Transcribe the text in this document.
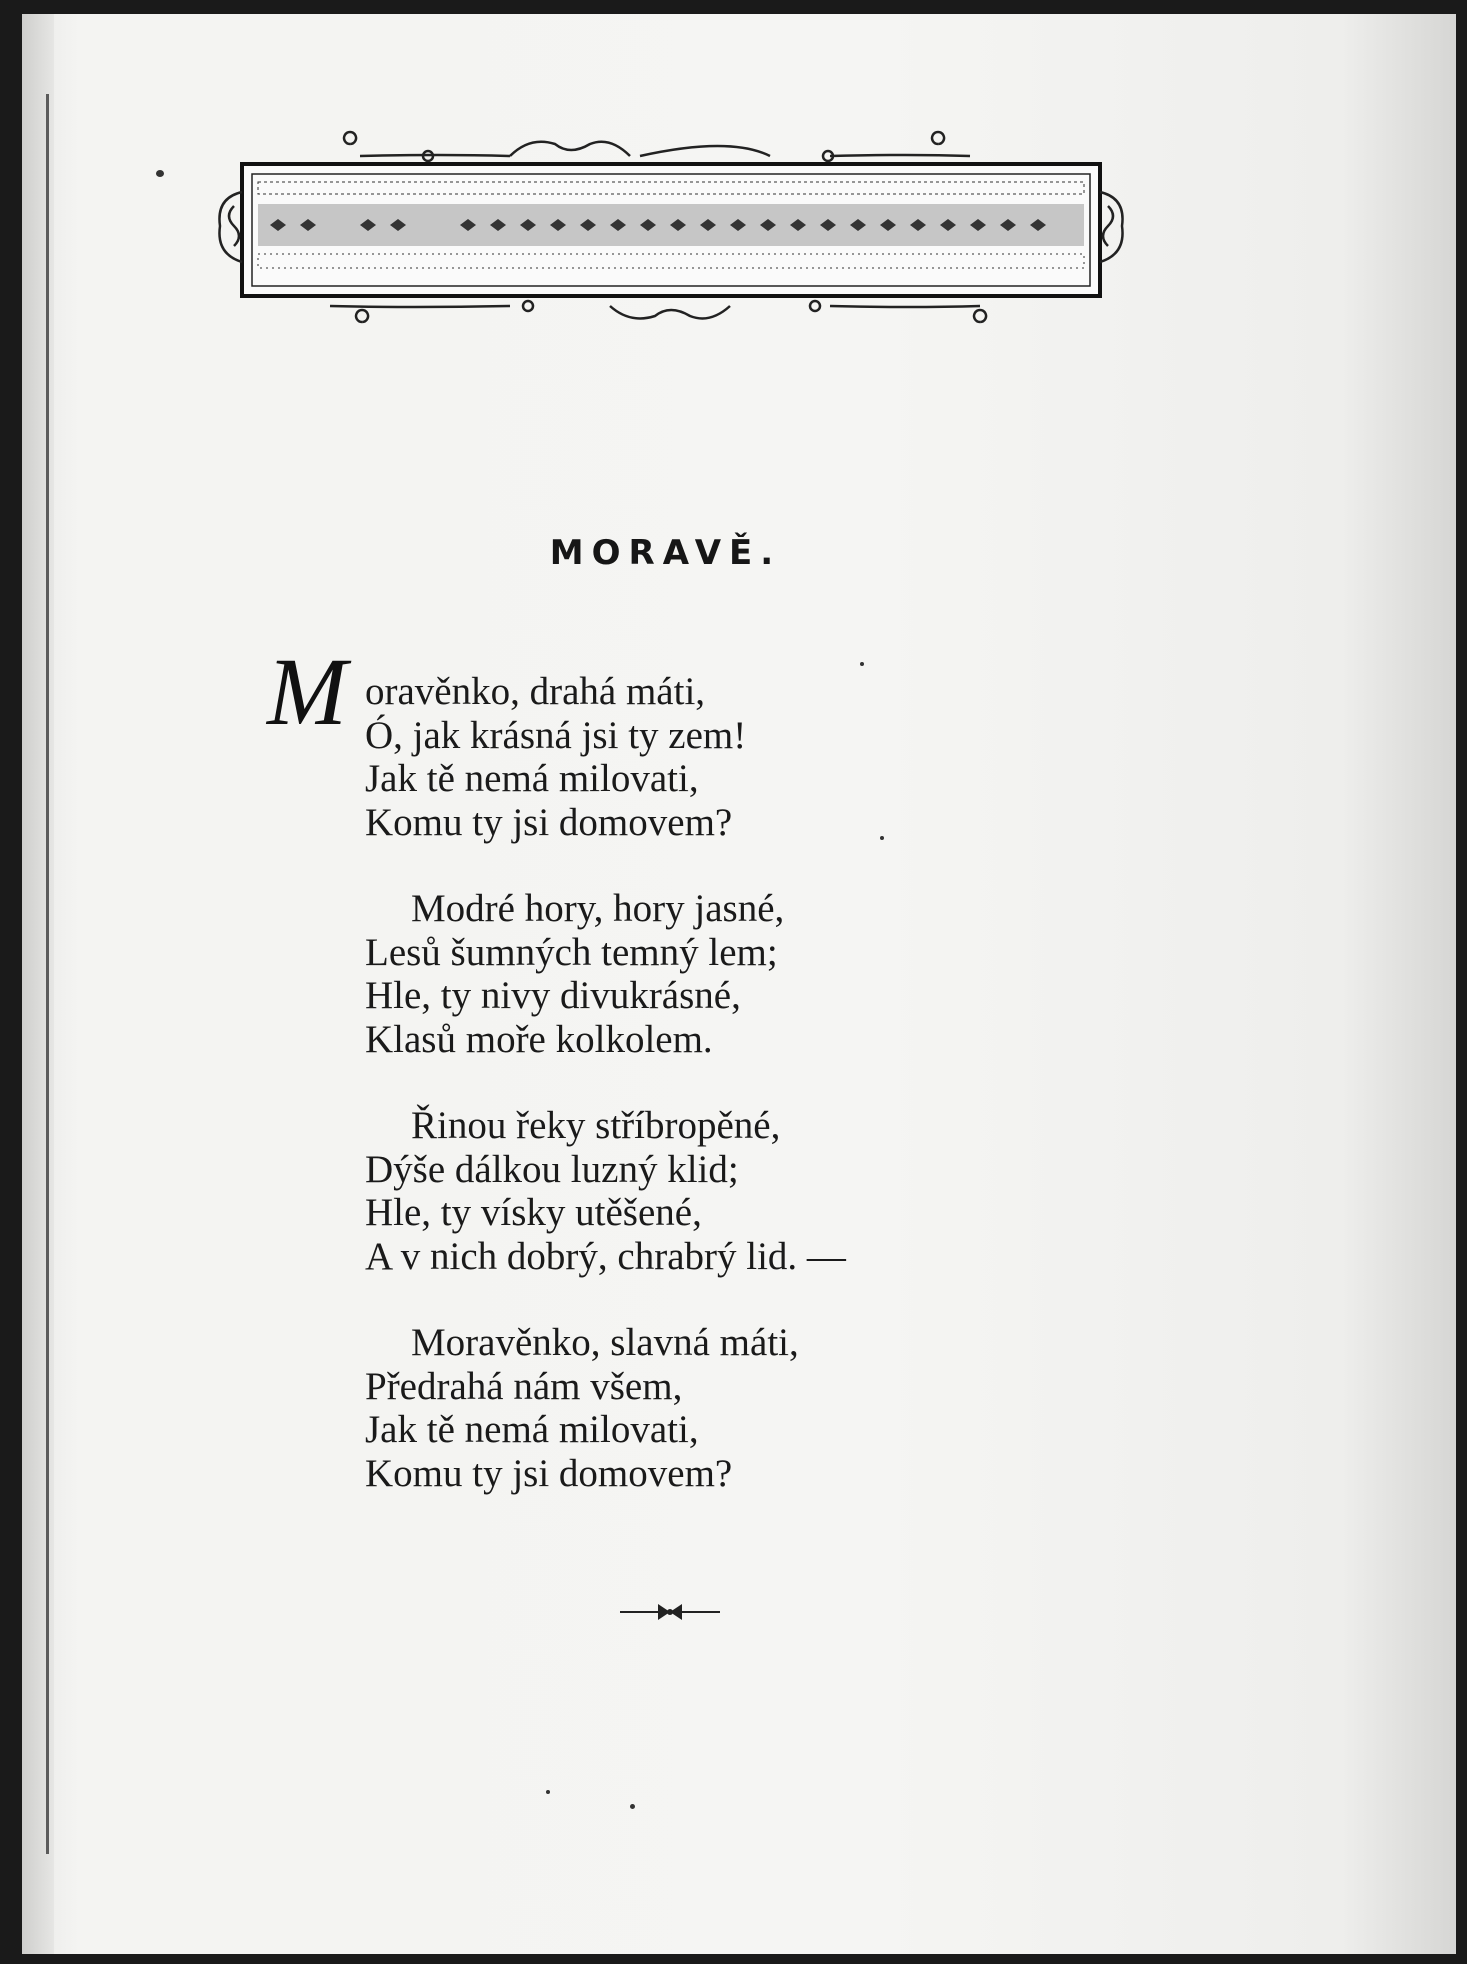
MORAVĚ.
M oravěnko, drahá máti,
Ó, jak krásná jsi ty zem!
Jak tě nemá milovati,
Komu ty jsi domovem?
Modré hory, hory jasné,
Lesů šumných temný lem;
Hle, ty nivy divukrásné,
Klasů moře kolkolem.
Řinou řeky stříbropěné,
Dýše dálkou luzný klid;
Hle, ty vísky utěšené,
A v nich dobrý, chrabrý lid. —
Moravěnko, slavná máti,
Předrahá nám všem,
Jak tě nemá milovati,
Komu ty jsi domovem?
